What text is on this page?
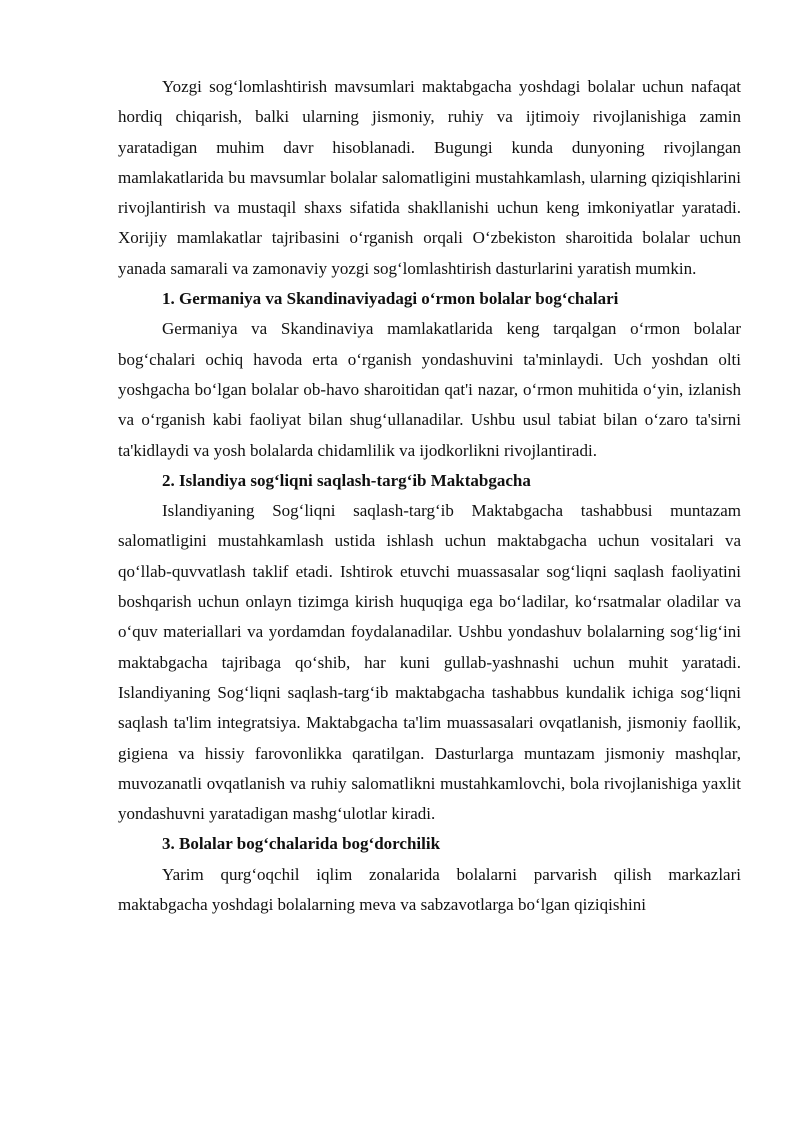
Yozgi sog‘lomlashtirish mavsumlari maktabgacha yoshdagi bolalar uchun nafaqat hordiq chiqarish, balki ularning jismoniy, ruhiy va ijtimoiy rivojlanishiga zamin yaratadigan muhim davr hisoblanadi. Bugungi kunda dunyoning rivojlangan mamlakatlarida bu mavsumlar bolalar salomatligini mustahkamlash, ularning qiziqishlarini rivojlantirish va mustaqil shaxs sifatida shakllanishi uchun keng imkoniyatlar yaratadi. Xorijiy mamlakatlar tajribasini o‘rganish orqali O‘zbekiston sharoitida bolalar uchun yanada samarali va zamonaviy yozgi sog‘lomlashtirish dasturlarini yaratish mumkin.

1. Germaniya va Skandinaviyadagi o‘rmon bolalar bog‘chalari

Germaniya va Skandinaviya mamlakatlarida keng tarqalgan o‘rmon bolalar bog‘chalari ochiq havoda erta o‘rganish yondashuvini ta'minlaydi. Uch yoshdan olti yoshgacha bo‘lgan bolalar ob-havo sharoitidan qat'i nazar, o‘rmon muhitida o‘yin, izlanish va o‘rganish kabi faoliyat bilan shug‘ullanadilar. Ushbu usul tabiat bilan o‘zaro ta'sirni ta'kidlaydi va yosh bolalarda chidamlilik va ijodkorlikni rivojlantiradi.

2. Islandiya sog‘liqni saqlash-targ‘ib Maktabgacha

Islandiyaning Sog‘liqni saqlash-targ‘ib Maktabgacha tashabbusi muntazam salomatligini mustahkamlash ustida ishlash uchun maktabgacha uchun vositalari va qo‘llab-quvvatlash taklif etadi. Ishtirok etuvchi muassasalar sog‘liqni saqlash faoliyatini boshqarish uchun onlayn tizimga kirish huquqiga ega bo‘ladilar, ko‘rsatmalar oladilar va o‘quv materiallari va yordamdan foydalanadilar. Ushbu yondashuv bolalarning sog‘lig‘ini maktabgacha tajribaga qo‘shib, har kuni gullab-yashnashi uchun muhit yaratadi. Islandiyaning Sog‘liqni saqlash-targ‘ib maktabgacha tashabbus kundalik ichiga sog‘liqni saqlash ta'lim integratsiya. Maktabgacha ta'lim muassasalari ovqatlanish, jismoniy faollik, gigiena va hissiy farovonlikka qaratilgan. Dasturlarga muntazam jismoniy mashqlar, muvozanatli ovqatlanish va ruhiy salomatlikni mustahkamlovchi, bola rivojlanishiga yaxlit yondashuvni yaratadigan mashg‘ulotlar kiradi.

3. Bolalar bog‘chalarida bog‘dorchilik

Yarim qurg‘oqchil iqlim zonalarida bolalarni parvarish qilish markazlari maktabgacha yoshdagi bolalarning meva va sabzavotlarga bo‘lgan qiziqishini
